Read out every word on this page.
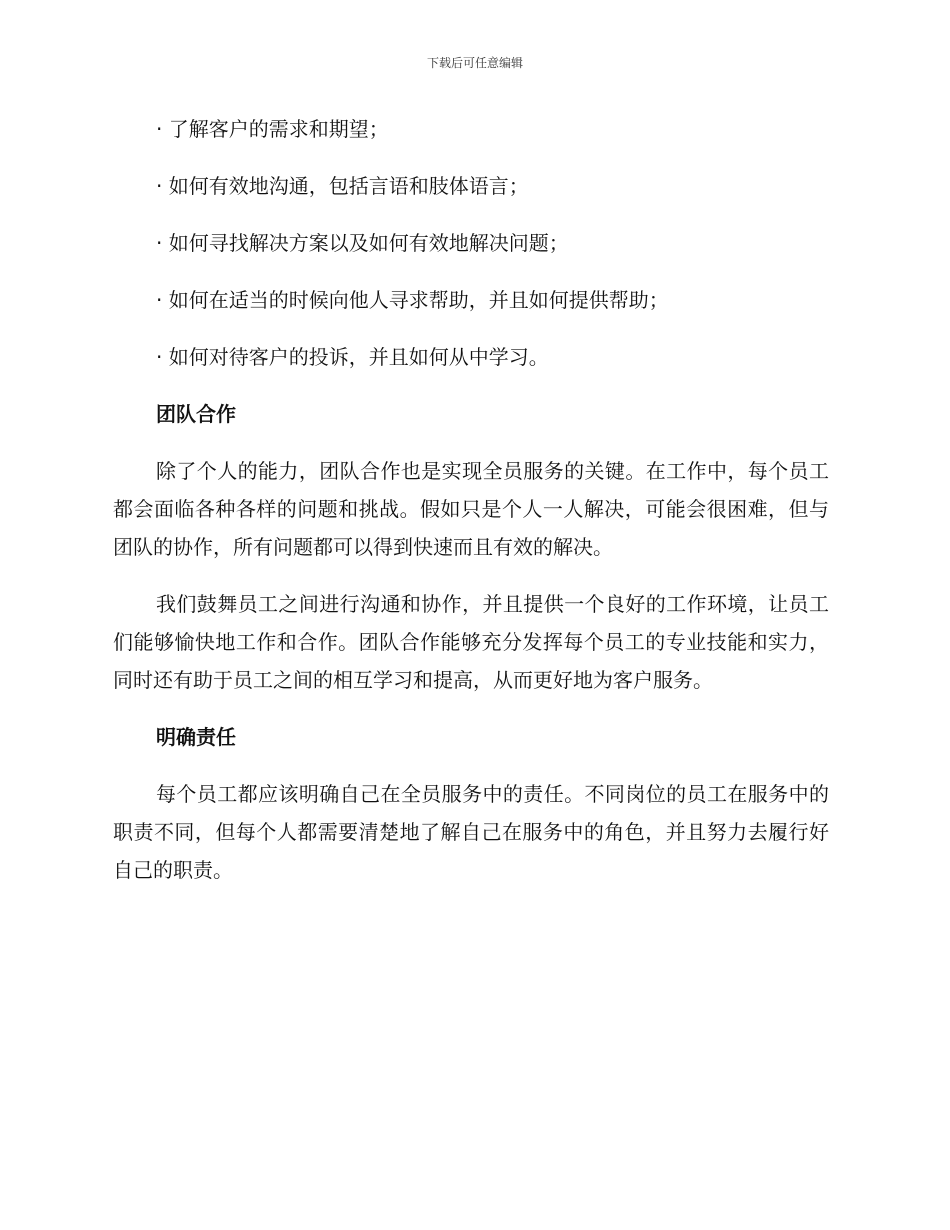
下载后可任意编辑
· 了解客户的需求和期望；
· 如何有效地沟通，包括言语和肢体语言；
· 如何寻找解决方案以及如何有效地解决问题；
· 如何在适当的时候向他人寻求帮助，并且如何提供帮助；
· 如何对待客户的投诉，并且如何从中学习。
团队合作

除了个人的能力，团队合作也是实现全员服务的关键。在工作中，每个员工都会面临各种各样的问题和挑战。假如只是个人一人解决，可能会很困难，但与团队的协作，所有问题都可以得到快速而且有效的解决。

我们鼓舞员工之间进行沟通和协作，并且提供一个良好的工作环境，让员工们能够愉快地工作和合作。团队合作能够充分发挥每个员工的专业技能和实力，同时还有助于员工之间的相互学习和提高，从而更好地为客户服务。

明确责任

每个员工都应该明确自己在全员服务中的责任。不同岗位的员工在服务中的职责不同，但每个人都需要清楚地了解自己在服务中的角色，并且努力去履行好自己的职责。
